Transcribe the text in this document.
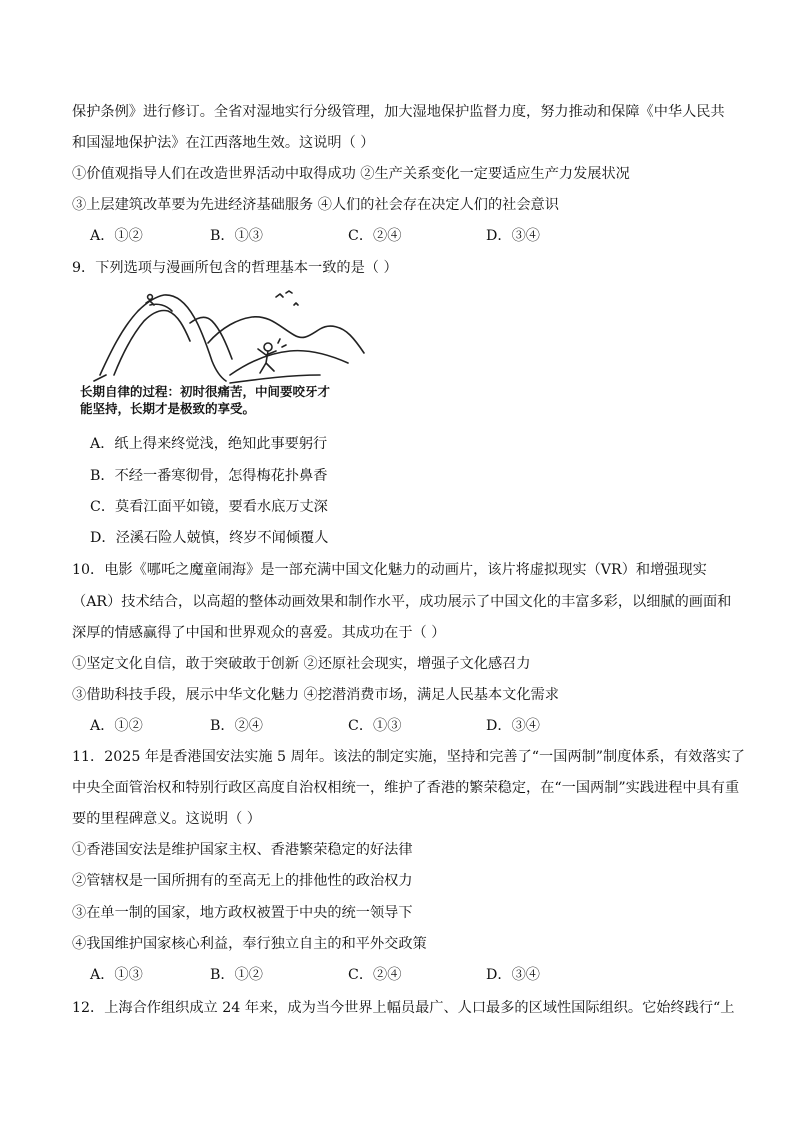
保护条例》进行修订。全省对湿地实行分级管理，加大湿地保护监督力度，努力推动和保障《中华人民共
和国湿地保护法》在江西落地生效。这说明（ ）
①价值观指导人们在改造世界活动中取得成功 ②生产关系变化一定要适应生产力发展状况
③上层建筑改革要为先进经济基础服务 ④人们的社会存在决定人们的社会意识
A．①②	B．①③	C．②④	D．③④
9．下列选项与漫画所包含的哲理基本一致的是（ ）
长期自律的过程：初时很痛苦，中间要咬牙才
能坚持，长期才是极致的享受。
A．纸上得来终觉浅，绝知此事要躬行
B．不经一番寒彻骨，怎得梅花扑鼻香
C．莫看江面平如镜，要看水底万丈深
D．泾溪石险人兢慎，终岁不闻倾覆人
10．电影《哪吒之魔童闹海》是一部充满中国文化魅力的动画片，该片将虚拟现实（VR）和增强现实
（AR）技术结合，以高超的整体动画效果和制作水平，成功展示了中国文化的丰富多彩，以细腻的画面和
深厚的情感赢得了中国和世界观众的喜爱。其成功在于（ ）
①坚定文化自信，敢于突破敢于创新 ②还原社会现实，增强子文化感召力
③借助科技手段，展示中华文化魅力 ④挖潜消费市场，满足人民基本文化需求
A．①②	B．②④	C．①③	D．③④
11．2025 年是香港国安法实施 5 周年。该法的制定实施，坚持和完善了“一国两制”制度体系，有效落实了
中央全面管治权和特别行政区高度自治权相统一，维护了香港的繁荣稳定，在“一国两制”实践进程中具有重
要的里程碑意义。这说明（ ）
①香港国安法是维护国家主权、香港繁荣稳定的好法律
②管辖权是一国所拥有的至高无上的排他性的政治权力
③在单一制的国家，地方政权被置于中央的统一领导下
④我国维护国家核心利益，奉行独立自主的和平外交政策
A．①③	B．①②	C．②④	D．③④
12．上海合作组织成立 24 年来，成为当今世界上幅员最广、人口最多的区域性国际组织。它始终践行“上
